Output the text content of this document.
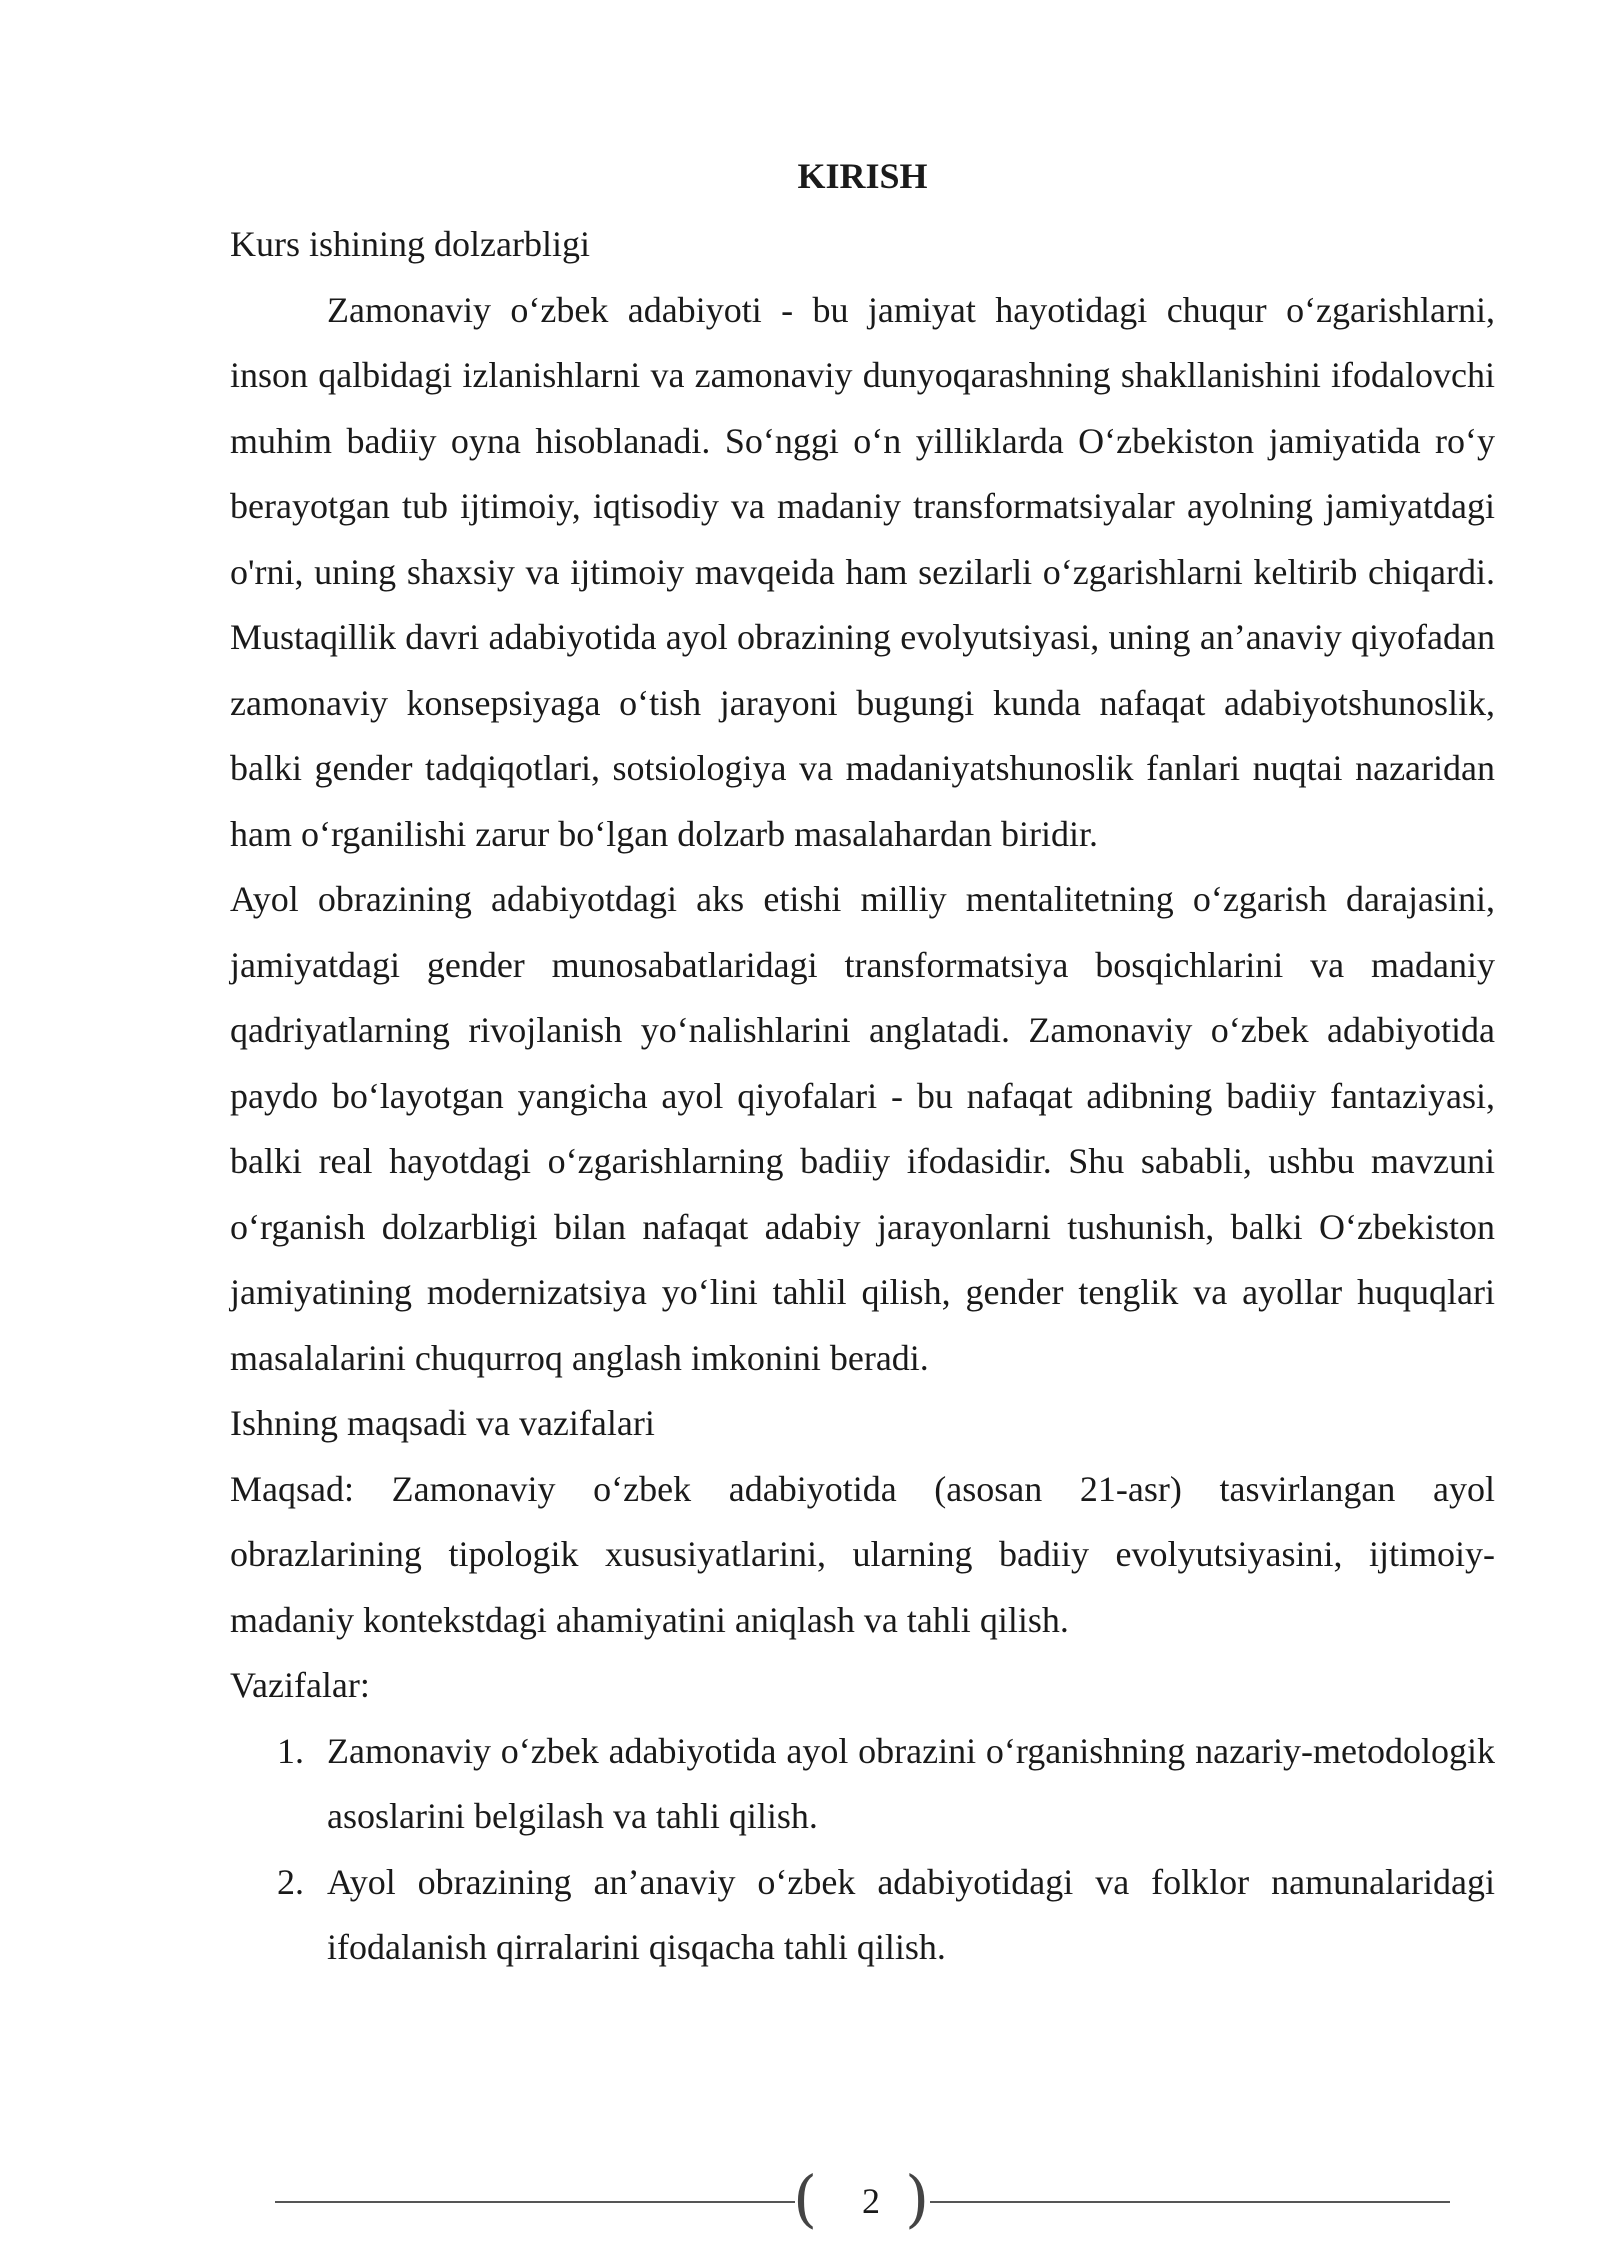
KIRISH
Kurs ishining dolzarbligi

Zamonaviy o‘zbek adabiyoti - bu jamiyat hayotidagi chuqur o‘zgarishlarni, inson qalbidagi izlanishlarni va zamonaviy dunyoqarashning shakllanishini ifodalovchi muhim badiiy oyna hisoblanadi. So‘nggi o‘n yilliklarda O‘zbekiston jamiyatida ro‘y berayotgan tub ijtimoiy, iqtisodiy va madaniy transformatsiyalar ayolning jamiyatdagi o'rni, uning shaxsiy va ijtimoiy mavqeida ham sezilarli o‘zgarishlarni keltirib chiqardi. Mustaqillik davri adabiyotida ayol obrazining evolyutsiyasi, uning an’anaviy qiyofadan zamonaviy konsepsiyaga o‘tish jarayoni bugungi kunda nafaqat adabiyotshunoslik, balki gender tadqiqotlari, sotsiologiya va madaniyatshunoslik fanlari nuqtai nazaridan ham o‘rganilishi zarur bo‘lgan dolzarb masalahardan biridir.

Ayol obrazining adabiyotdagi aks etishi milliy mentalitetning o‘zgarish darajasini, jamiyatdagi gender munosabatlaridagi transformatsiya bosqichlarini va madaniy qadriyatlarning rivojlanish yo‘nalishlarini anglatadi. Zamonaviy o‘zbek adabiyotida paydo bo‘layotgan yangicha ayol qiyofalari - bu nafaqat adibning badiiy fantaziyasi, balki real hayotdagi o‘zgarishlarning badiiy ifodasidir. Shu sababli, ushbu mavzuni o‘rganish dolzarbligi bilan nafaqat adabiy jarayonlarni tushunish, balki O‘zbekiston jamiyatining modernizatsiya yo‘lini tahlil qilish, gender tenglik va ayollar huquqlari masalalarini chuqurroq anglash imkonini beradi.

Ishning maqsadi va vazifalari

Maqsad: Zamonaviy o‘zbek adabiyotida (asosan 21-asr) tasvirlangan ayol obrazlarining tipologik xususiyatlarini, ularning badiiy evolyutsiyasini, ijtimoiy-madaniy kontekstdagi ahamiyatini aniqlash va tahli qilish.

Vazifalar:
1. Zamonaviy o‘zbek adabiyotida ayol obrazini o‘rganishning nazariy-metodologik asoslarini belgilash va tahli qilish.
2. Ayol obrazining an’anaviy o‘zbek adabiyotidagi va folklor namunalaridagi ifodalanish qirralarini qisqacha tahli qilish.
(	2 )
